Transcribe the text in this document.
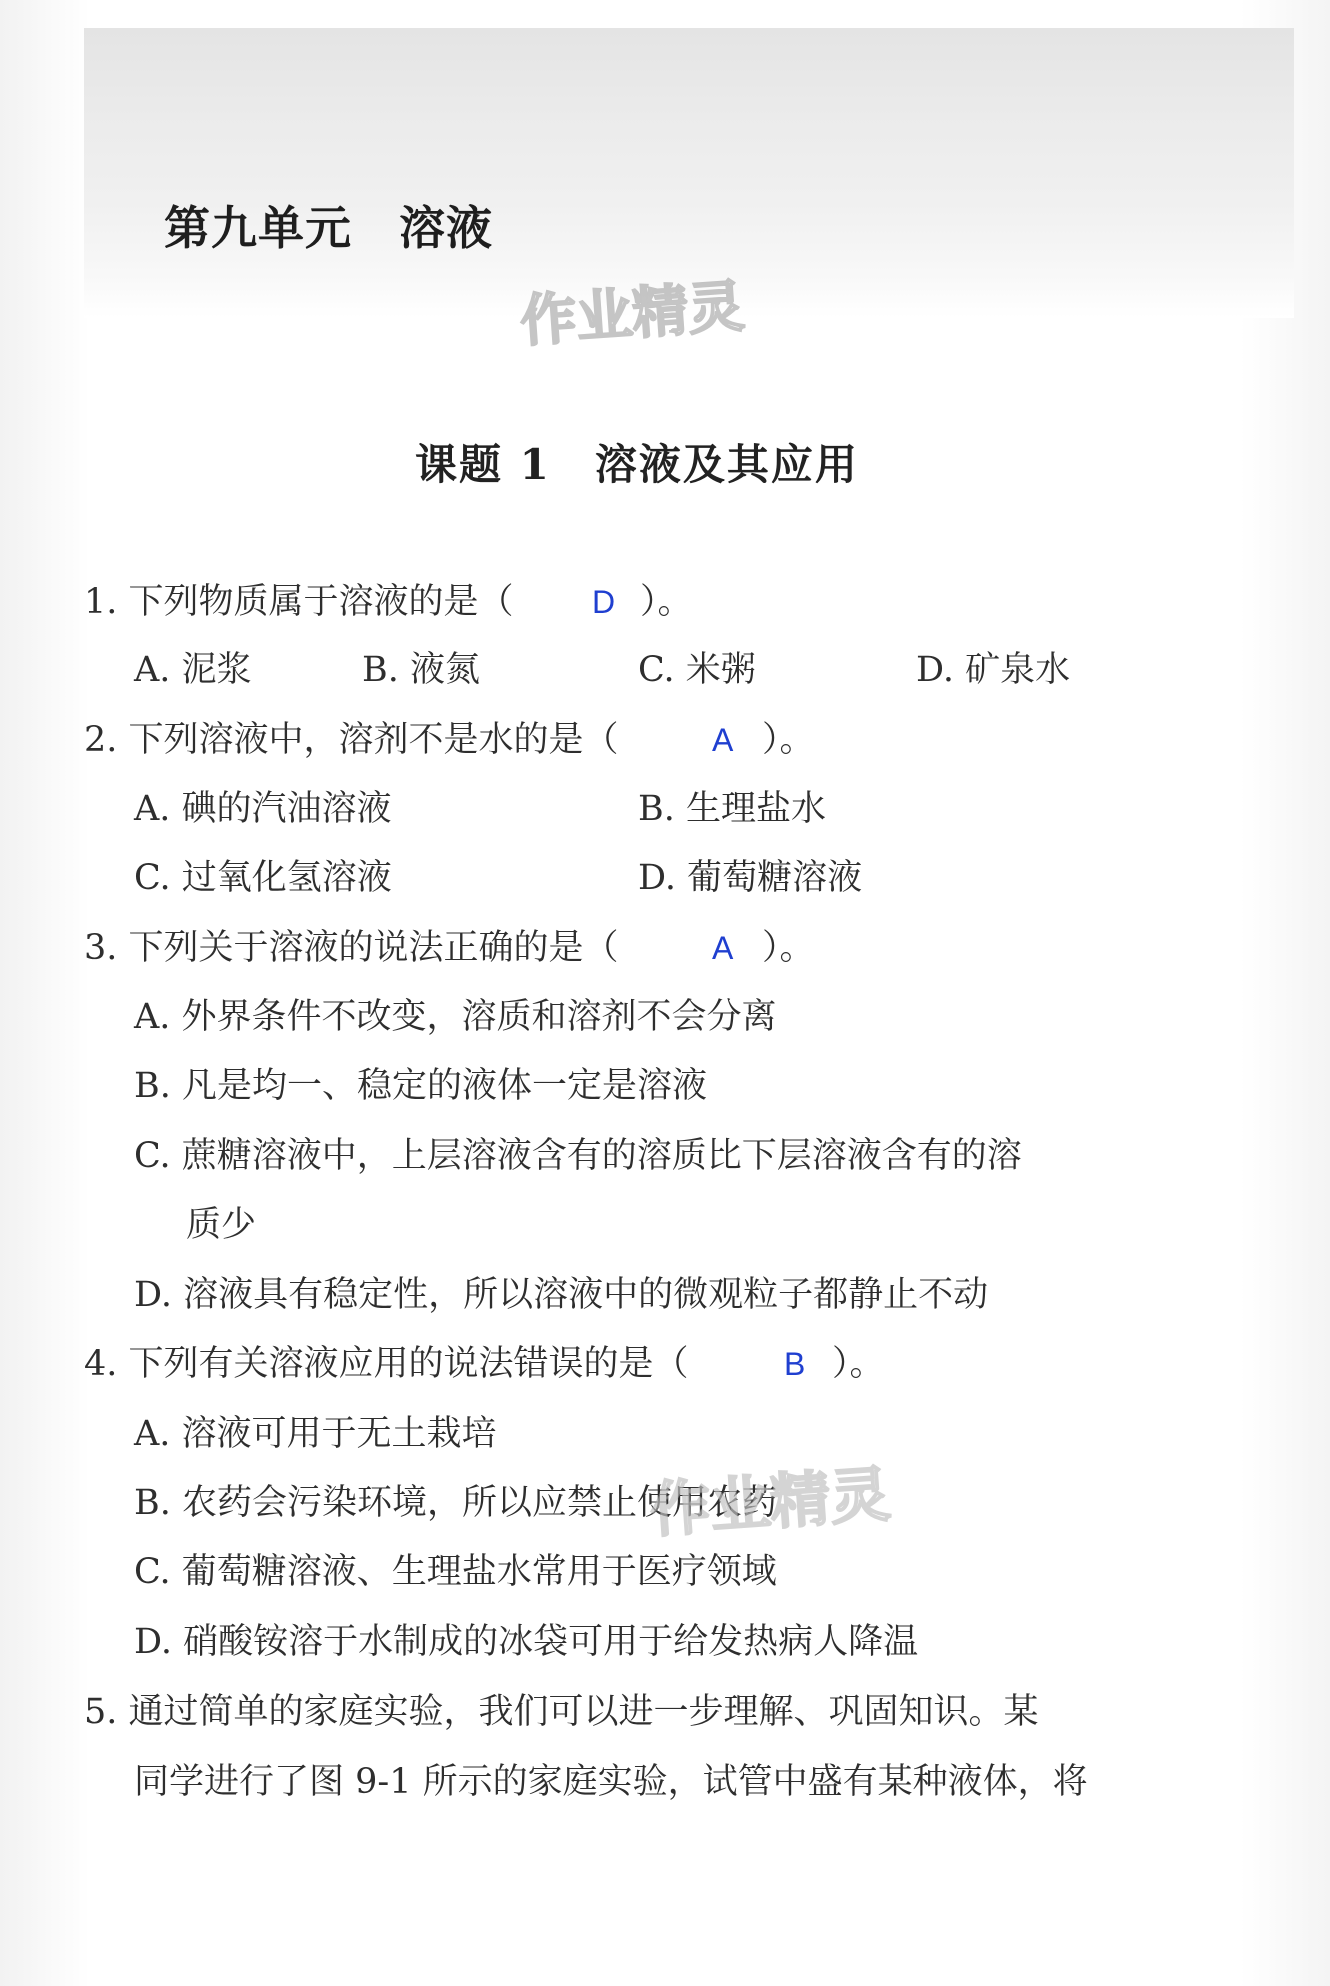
第九单元　溶液
作业精灵
课题 1　溶液及其应用
1. 下列物质属于溶液的是（ D ）。
A. 泥浆	B. 液氮	C. 米粥	D. 矿泉水
2. 下列溶液中，溶剂不是水的是（	A ）。
A. 碘的汽油溶液	B. 生理盐水
C. 过氧化氢溶液	D. 葡萄糖溶液
3. 下列关于溶液的说法正确的是（	A ）。
A. 外界条件不改变，溶质和溶剂不会分离
B. 凡是均一、稳定的液体一定是溶液
C. 蔗糖溶液中，上层溶液含有的溶质比下层溶液含有的溶
质少
D. 溶液具有稳定性，所以溶液中的微观粒子都静止不动
4. 下列有关溶液应用的说法错误的是（	B ）。
A. 溶液可用于无土栽培
B. 农药会污染环境，所以应禁止使用农药
C. 葡萄糖溶液、生理盐水常用于医疗领域
D. 硝酸铵溶于水制成的冰袋可用于给发热病人降温
作业精灵
5. 通过简单的家庭实验，我们可以进一步理解、巩固知识。某
同学进行了图 9-1 所示的家庭实验，试管中盛有某种液体，将
